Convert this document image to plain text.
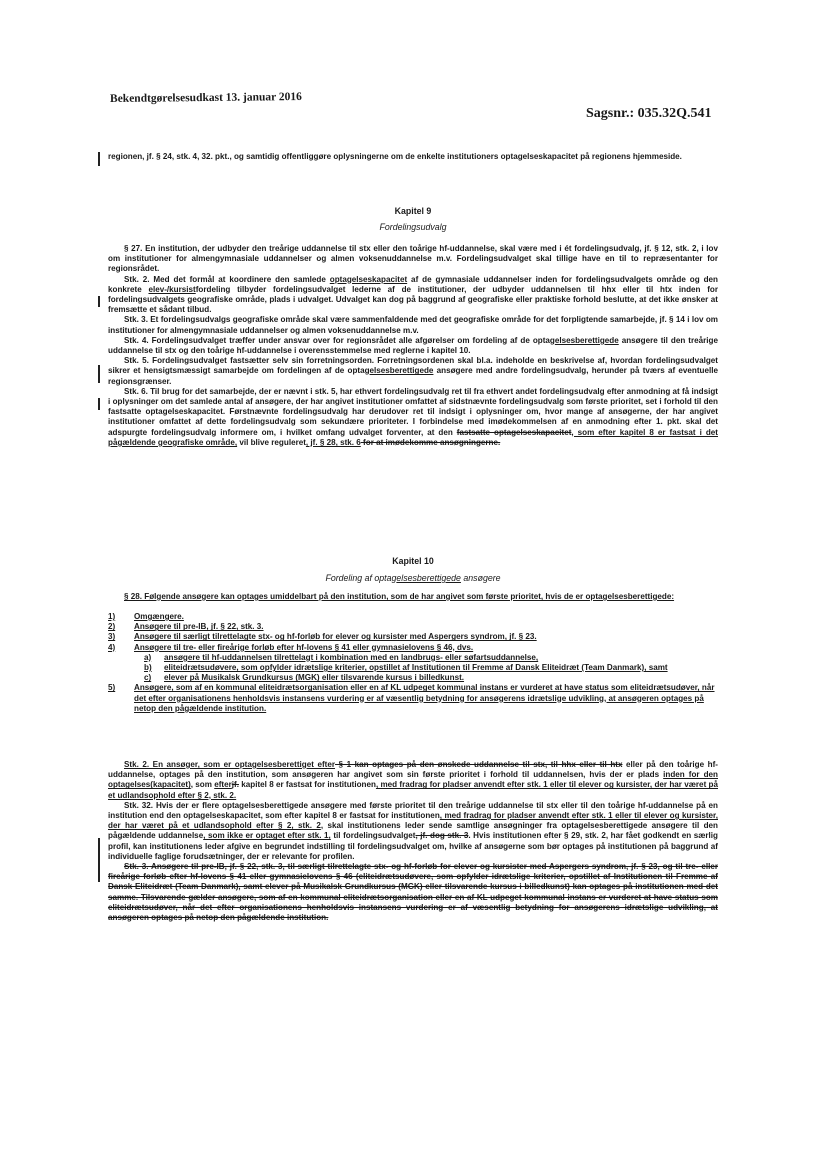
Bekendtgørelsesudkast 13. januar 2016
Sagsnr.: 035.32Q.541

regionen, jf. § 24, stk. 4, 32. pkt., og samtidig offentliggøre oplysningerne om de enkelte institutioners optagelseskapacitet på regionens hjemmeside.

Kapitel 9
Fordelingsudvalg

§ 27. En institution, der udbyder den treårige uddannelse til stx eller den toårige hf-uddannelse, skal være med i ét fordelingsudvalg, jf. § 12, stk. 2, i lov om institutioner for almengymnasiale uddannelser og almen voksenuddannelse m.v. Fordelingsudvalget skal tillige have en til to repræsentanter for regionsrådet.

Stk. 2. Med det formål at koordinere den samlede optagelseskapacitet af de gymnasiale uddannelser inden for fordelingsudvalgets område og den konkrete elev-/kursistfordeling tilbyder fordelingsudvalget lederne af de institutioner, der udbyder uddannelsen til hhx eller til htx inden for fordelingsudvalgets geografiske område, plads i udvalget. Udvalget kan dog på baggrund af geografiske eller praktiske forhold beslutte, at det ikke ønsker at fremsætte et sådant tilbud.

Stk. 3. Et fordelingsudvalgs geografiske område skal være sammenfaldende med det geografiske område for det forpligtende samarbejde, jf. § 14 i lov om institutioner for almengymnasiale uddannelser og almen voksenuddannelse m.v.

Stk. 4. Fordelingsudvalget træffer under ansvar over for regionsrådet alle afgørelser om fordeling af de optagelsesberettigede ansøgere til den treårige uddannelse til stx og den toårige hf-uddannelse i overensstemmelse med reglerne i kapitel 10.

Stk. 5. Fordelingsudvalget fastsætter selv sin forretningsorden. Forretningsordenen skal bl.a. indeholde en beskrivelse af, hvordan fordelingsudvalget sikrer et hensigtsmæssigt samarbejde om fordelingen af de optagelsesberettigede ansøgere med andre fordelingsudvalg, herunder på tværs af eventuelle regionsgrænser.

Stk. 6. Til brug for det samarbejde, der er nævnt i stk. 5, har ethvert fordelingsudvalg ret til fra ethvert andet fordelingsudvalg efter anmodning at få indsigt i oplysninger om det samlede antal af ansøgere, der har angivet institutioner omfattet af sidstnævnte fordelingsudvalg som første prioritet, set i forhold til den fastsatte optagelseskapacitet. Førstnævnte fordelingsudvalg har derudover ret til indsigt i oplysninger om, hvor mange af ansøgerne, der har angivet institutioner omfattet af dette fordelingsudvalg som sekundære prioriteter. I forbindelse med imødekommelsen af en anmodning efter 1. pkt. skal det adspurgte fordelingsudvalg informere om, i hvilket omfang udvalget forventer, at den fastsatte optagelseskapacitet, som efter kapitel 8 er fastsat i det pågældende geografiske område, vil blive reguleret, jf. § 28, stk. 6 for at imødekomme ansøgningerne.

Kapitel 10
Fordeling af optagelsesberettigede ansøgere

§ 28. Følgende ansøgere kan optages umiddelbart på den institution, som de har angivet som første prioritet, hvis de er optagelsesberettigede:

1)	Omgængere.
2)	Ansøgere til pre-IB, jf. § 22, stk. 3.
3)	Ansøgere til særligt tilrettelagte stx- og hf-forløb for elever og kursister med Aspergers syndrom, jf. § 23.
4)	Ansøgere til tre- eller fireårige forløb efter hf-lovens § 41 eller gymnasielovens § 46, dvs.
a)	ansøgere til hf-uddannelsen tilrettelagt i kombination med en landbrugs- eller søfartsuddannelse,
b)	eliteidrætsudøvere, som opfylder idrætslige kriterier, opstillet af Institutionen til Fremme af Dansk Eliteidræt (Team Danmark), samt
c)	elever på Musikalsk Grundkursus (MGK) eller tilsvarende kursus i billedkunst.
5)	Ansøgere, som af en kommunal eliteidrætsorganisation eller en af KL udpeget kommunal instans er vurderet at have status som eliteidrætsudøver, når det efter organisationens henholdsvis instansens vurdering er af væsentlig betydning for ansøgerens idrætslige udvikling, at ansøgeren optages på netop den pågældende institution.

Stk. 2. En ansøger, som er optagelsesberettiget efter § 1 kan optages på den ønskede uddannelse til stx, til hhx eller til htx eller på den toårige hf-uddannelse, optages på den institution, som ansøgeren har angivet som sin første prioritet i forhold til uddannelsen, hvis der er plads inden for den optagelses(kapacitet), som efterjf. kapitel 8 er fastsat for institutionen, med fradrag for pladser anvendt efter stk. 1 eller til elever og kursister, der har været på et udlandsophold efter § 2, stk. 2.

Stk. 32. Hvis der er flere optagelsesberettigede ansøgere med første prioritet til den treårige uddannelse til stx eller til den toårige hf-uddannelse på en institution end den optagelseskapacitet, som efter kapitel 8 er fastsat for institutionen, med fradrag for pladser anvendt efter stk. 1 eller til elever og kursister, der har været på et udlandsophold efter § 2, stk. 2, skal institutionens leder sende samtlige ansøgninger fra optagelsesberettigede ansøgere til den pågældende uddannelse, som ikke er optaget efter stk. 1, til fordelingsudvalget, jf. dog stk. 3. Hvis institutionen efter § 29, stk. 2, har fået godkendt en særlig profil, kan institutionens leder afgive en begrundet indstilling til fordelingsudvalget om, hvilke af ansøgerne som bør optages på institutionen på baggrund af individuelle faglige forudsætninger, der er relevante for profilen.

Stk. 3. Ansøgere til pre-IB, jf. § 22, stk. 3, til særligt tilrettelagte stx- og hf-forløb for elever og kursister med Aspergers syndrom, jf. § 23, og til tre- eller fireårige forløb efter hf-lovens § 41 eller gymnasielovens § 46 (eliteidrætsudøvere, som opfylder idrætslige kriterier, opstillet af Institutionen til Fremme af Dansk Eliteidræt (Team Danmark), samt elever på Musikalsk Grundkursus (MGK) eller tilsvarende kursus i billedkunst) kan optages på institutionen med det samme. Tilsvarende gælder ansøgere, som af en kommunal eliteidrætsorganisation eller en af KL udpeget kommunal instans er vurderet at have status som eliteidrætsudøver, når det efter organisationens henholdsvis instansens vurdering er af væsentlig betydning for ansøgerens idrætslige udvikling, at ansøgeren optages på netop den pågældende institution.
